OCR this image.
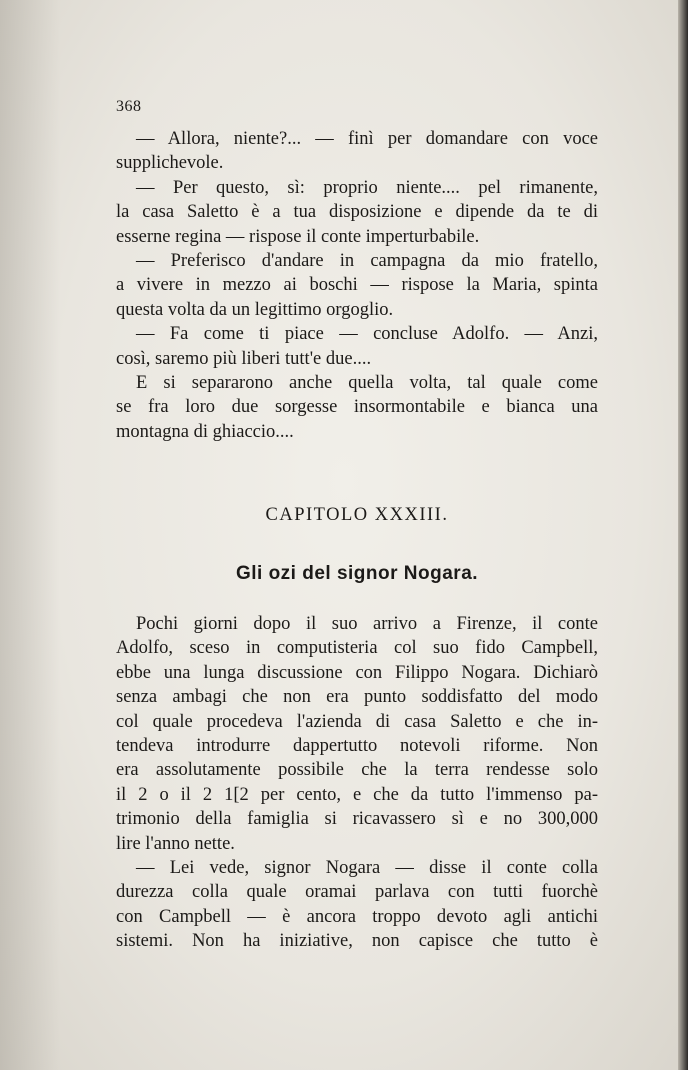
368
— Allora, niente?... — finì per domandare con voce
supplichevole.
— Per questo, sì: proprio niente.... pel rimanente,
la casa Saletto è a tua disposizione e dipende da te di
esserne regina — rispose il conte imperturbabile.
— Preferisco d'andare in campagna da mio fratello,
a vivere in mezzo ai boschi — rispose la Maria, spinta
questa volta da un legittimo orgoglio.
— Fa come ti piace — concluse Adolfo. — Anzi,
così, saremo più liberi tutt'e due....
E si separarono anche quella volta, tal quale come
se fra loro due sorgesse insormontabile e bianca una
montagna di ghiaccio....
CAPITOLO XXXIII.
Gli ozi del signor Nogara.
Pochi giorni dopo il suo arrivo a Firenze, il conte
Adolfo, sceso in computisteria col suo fido Campbell,
ebbe una lunga discussione con Filippo Nogara. Dichiarò
senza ambagi che non era punto soddisfatto del modo
col quale procedeva l'azienda di casa Saletto e che in-
tendeva introdurre dappertutto notevoli riforme. Non
era assolutamente possibile che la terra rendesse solo
il 2 o il 2 1[2 per cento, e che da tutto l'immenso pa-
trimonio della famiglia si ricavassero sì e no 300,000
lire l'anno nette.
— Lei vede, signor Nogara — disse il conte colla
durezza colla quale oramai parlava con tutti fuorchè
con Campbell — è ancora troppo devoto agli antichi
sistemi. Non ha iniziative, non capisce che tutto è
